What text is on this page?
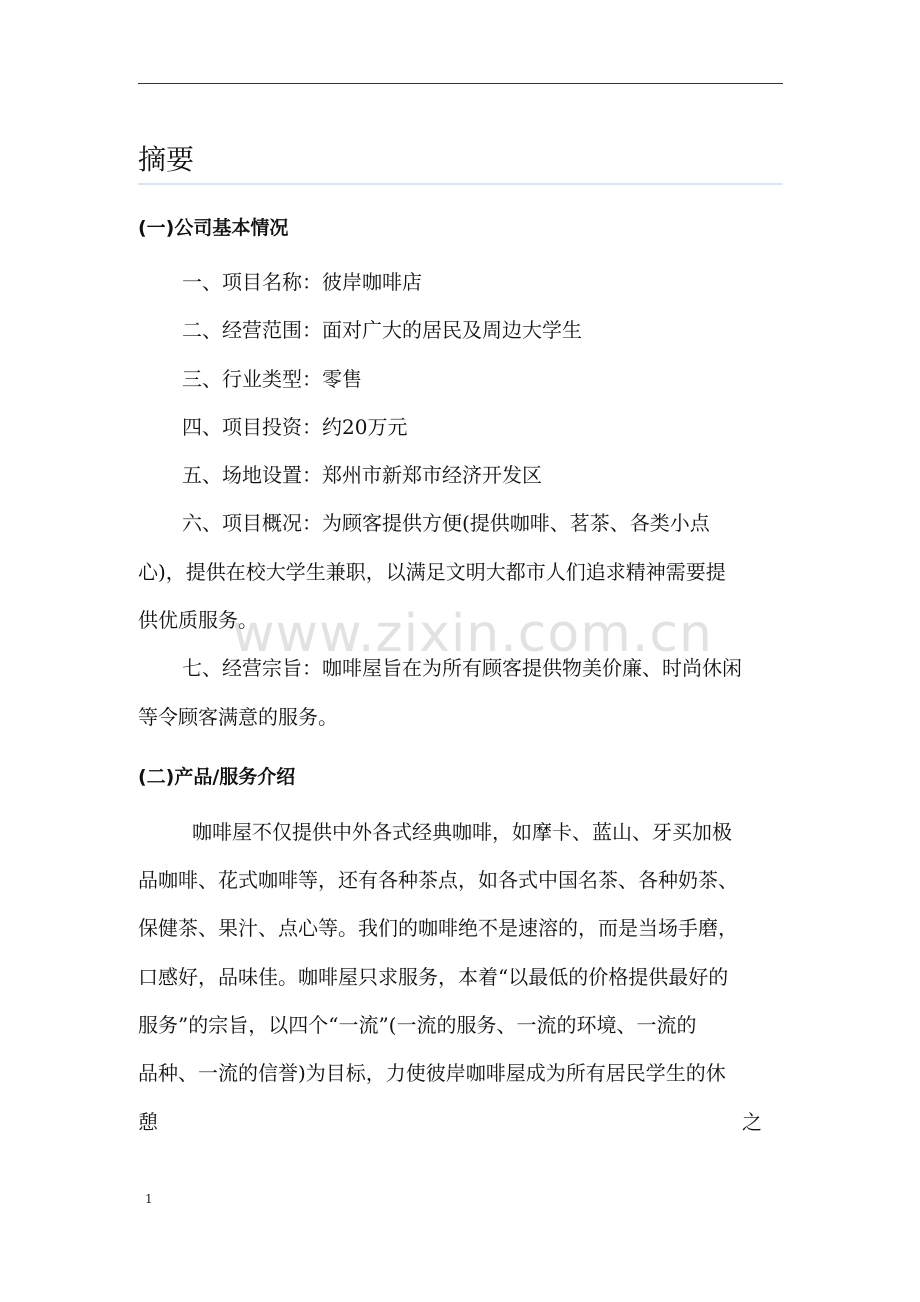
摘要
(一)公司基本情况

一、项目名称：彼岸咖啡店

二、经营范围：面对广大的居民及周边大学生

三、行业类型：零售

四、项目投资：约20万元

五、场地设置：郑州市新郑市经济开发区

六、项目概况：为顾客提供方便(提供咖啡、茗茶、各类小点

心)，提供在校大学生兼职，以满足文明大都市人们追求精神需要提

供优质服务。

七、经营宗旨：咖啡屋旨在为所有顾客提供物美价廉、时尚休闲

等令顾客满意的服务。

(二)产品/服务介绍

咖啡屋不仅提供中外各式经典咖啡，如摩卡、蓝山、牙买加极

品咖啡、花式咖啡等，还有各种茶点，如各式中国名茶、各种奶茶、

保健茶、果汁、点心等。我们的咖啡绝不是速溶的，而是当场手磨，

口感好，品味佳。咖啡屋只求服务，本着“以最低的价格提供最好的

服务”的宗旨，以四个“一流”(一流的服务、一流的环境、一流的

品种、一流的信誉)为目标，力使彼岸咖啡屋成为所有居民学生的休

憩	之

www.zixin.com.cn
1
